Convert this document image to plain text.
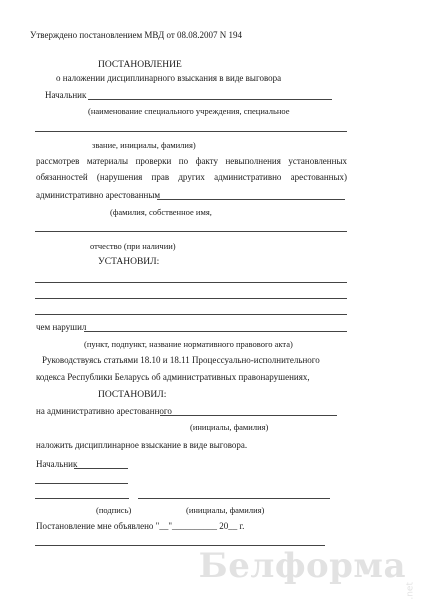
Утверждено постановлением МВД от 08.08.2007 N 194
ПОСТАНОВЛЕНИЕ
о наложении дисциплинарного взыскания в виде выговора
Начальник
(наименование специального учреждения, специальное
звание, инициалы, фамилия)
рассмотрев материалы проверки по факту невыполнения установленных
обязанностей (нарушения прав других административно арестованных)
административно арестованным
(фамилия, собственное имя,
отчество (при наличии)
УСТАНОВИЛ:
чем нарушил
(пункт, подпункт, название нормативного правового акта)
Руководствуясь статьями 18.10 и 18.11 Процессуально-исполнительного
кодекса Республики Беларусь об административных правонарушениях,
ПОСТАНОВИЛ:
на административно арестованного
(инициалы, фамилия)
наложить дисциплинарное взыскание в виде выговора.
Начальник
(подпись)	(инициалы, фамилия)
Постановление мне объявлено "__"__________ 20__ г.
Белформа
.net
